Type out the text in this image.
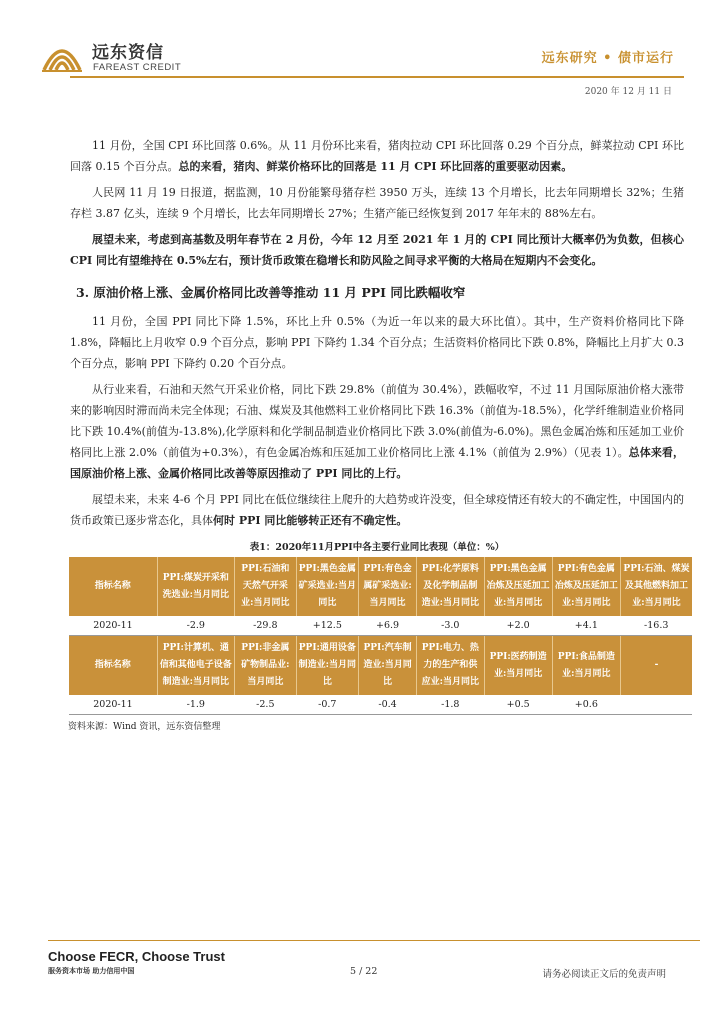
远东资信
FAREAST CREDIT
远东研究 • 债市运行
2020 年 12 月 11 日

11 月份，全国 CPI 环比回落 0.6%。从 11 月份环比来看，猪肉拉动 CPI 环比回落 0.29 个百分点，鲜菜拉动 CPI 环比回落 0.15 个百分点。总的来看，猪肉、鲜菜价格环比的回落是 11 月 CPI 环比回落的重要驱动因素。

人民网 11 月 19 日报道，据监测，10 月份能繁母猪存栏 3950 万头，连续 13 个月增长，比去年同期增长 32%；生猪存栏 3.87 亿头，连续 9 个月增长，比去年同期增长 27%；生猪产能已经恢复到 2017 年年末的 88%左右。

展望未来，考虑到高基数及明年春节在 2 月份，今年 12 月至 2021 年 1 月的 CPI 同比预计大概率仍为负数，但核心 CPI 同比有望维持在 0.5%左右，预计货币政策在稳增长和防风险之间寻求平衡的大格局在短期内不会变化。

3. 原油价格上涨、金属价格同比改善等推动 11 月 PPI 同比跌幅收窄

11 月份，全国 PPI 同比下降 1.5%，环比上升 0.5%（为近一年以来的最大环比值）。其中，生产资料价格同比下降 1.8%，降幅比上月收窄 0.9 个百分点，影响 PPI 下降约 1.34 个百分点；生活资料价格同比下跌 0.8%，降幅比上月扩大 0.3 个百分点，影响 PPI 下降约 0.20 个百分点。

从行业来看，石油和天然气开采业价格，同比下跌 29.8%（前值为 30.4%），跌幅收窄，不过 11 月国际原油价格大涨带来的影响因时滞而尚未完全体现；石油、煤炭及其他燃料工业价格同比下跌 16.3%（前值为-18.5%），化学纤维制造业价格同比下跌 10.4%(前值为-13.8%),化学原料和化学制品制造业价格同比下跌 3.0%(前值为-6.0%)。黑色金属冶炼和压延加工业价格同比上涨 2.0%（前值为+0.3%），有色金属冶炼和压延加工业价格同比上涨 4.1%（前值为 2.9%）（见表 1）。总体来看，国原油价格上涨、金属价格同比改善等原因推动了 PPI 同比的上行。

展望未来，未来 4-6 个月 PPI 同比在低位继续往上爬升的大趋势或许没变，但全球疫情还有较大的不确定性，中国国内的货币政策已逐步常态化，具体何时 PPI 同比能够转正还有不确定性。

表1：2020年11月PPI中各主要行业同比表现（单位：%）
指标名称	PPI:煤炭开采和洗选业:当月同比	PPI:石油和天然气开采业:当月同比	PPI:黑色金属矿采选业:当月同比	PPI:有色金属矿采选业:当月同比	PPI:化学原料及化学制品制造业:当月同比	PPI:黑色金属冶炼及压延加工业:当月同比	PPI:有色金属冶炼及压延加工业:当月同比	PPI:石油、煤炭及其他燃料加工业:当月同比
2020-11	-2.9	-29.8	+12.5	+6.9	-3.0	+2.0	+4.1	-16.3
指标名称	PPI:计算机、通信和其他电子设备制造业:当月同比	PPI:非金属矿物制品业:当月同比	PPI:通用设备制造业:当月同比	PPI:汽车制造业:当月同比	PPI:电力、热力的生产和供应业:当月同比	PPI:医药制造业:当月同比	PPI:食品制造业:当月同比	-
2020-11	-1.9	-2.5	-0.7	-0.4	-1.8	+0.5	+0.6	
资料来源：Wind 资讯，远东资信整理
Choose FECR, Choose Trust
服务资本市场 助力信用中国	5 / 22	请务必阅读正文后的免责声明
